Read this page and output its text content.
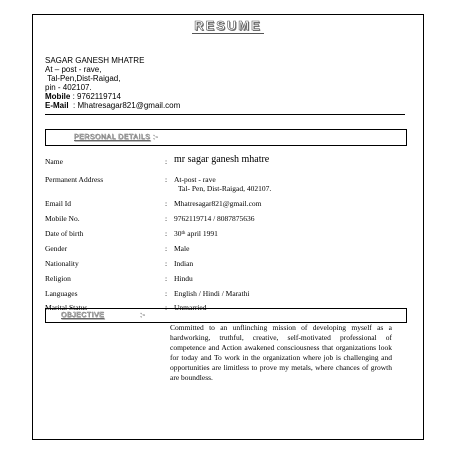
RESUME
SAGAR GANESH MHATRE
At – post - rave,
Tal-Pen,Dist-Raigad,
pin - 402107.
Mobile : 9762119714
E-Mail  : Mhatresagar821@gmail.com
PERSONAL DETAILS :-
Name	: mr sagar ganesh mhatre
Permanent Address	: At-post - rave
Tal- Pen, Dist-Raigad, 402107.
Email Id	: Mhatresagar821@gmail.com
Mobile No.	: 9762119714 / 8087875636
Date of birth	: 30th april 1991
Gender	: Male
Nationality	: Indian
Religion	: Hindu
Languages	: English / Hindi / Marathi
Marital Status	: Unmarried
OBJECTIVE	:-
Committed to an unflinching mission of developing myself as a hardworking, truthful, creative, self-motivated professional of competence and Action awakened consciousness that organizations look for today and To work in the organization where job is challenging and opportunities are limitless to prove my metals, where chances of growth are boundless.
